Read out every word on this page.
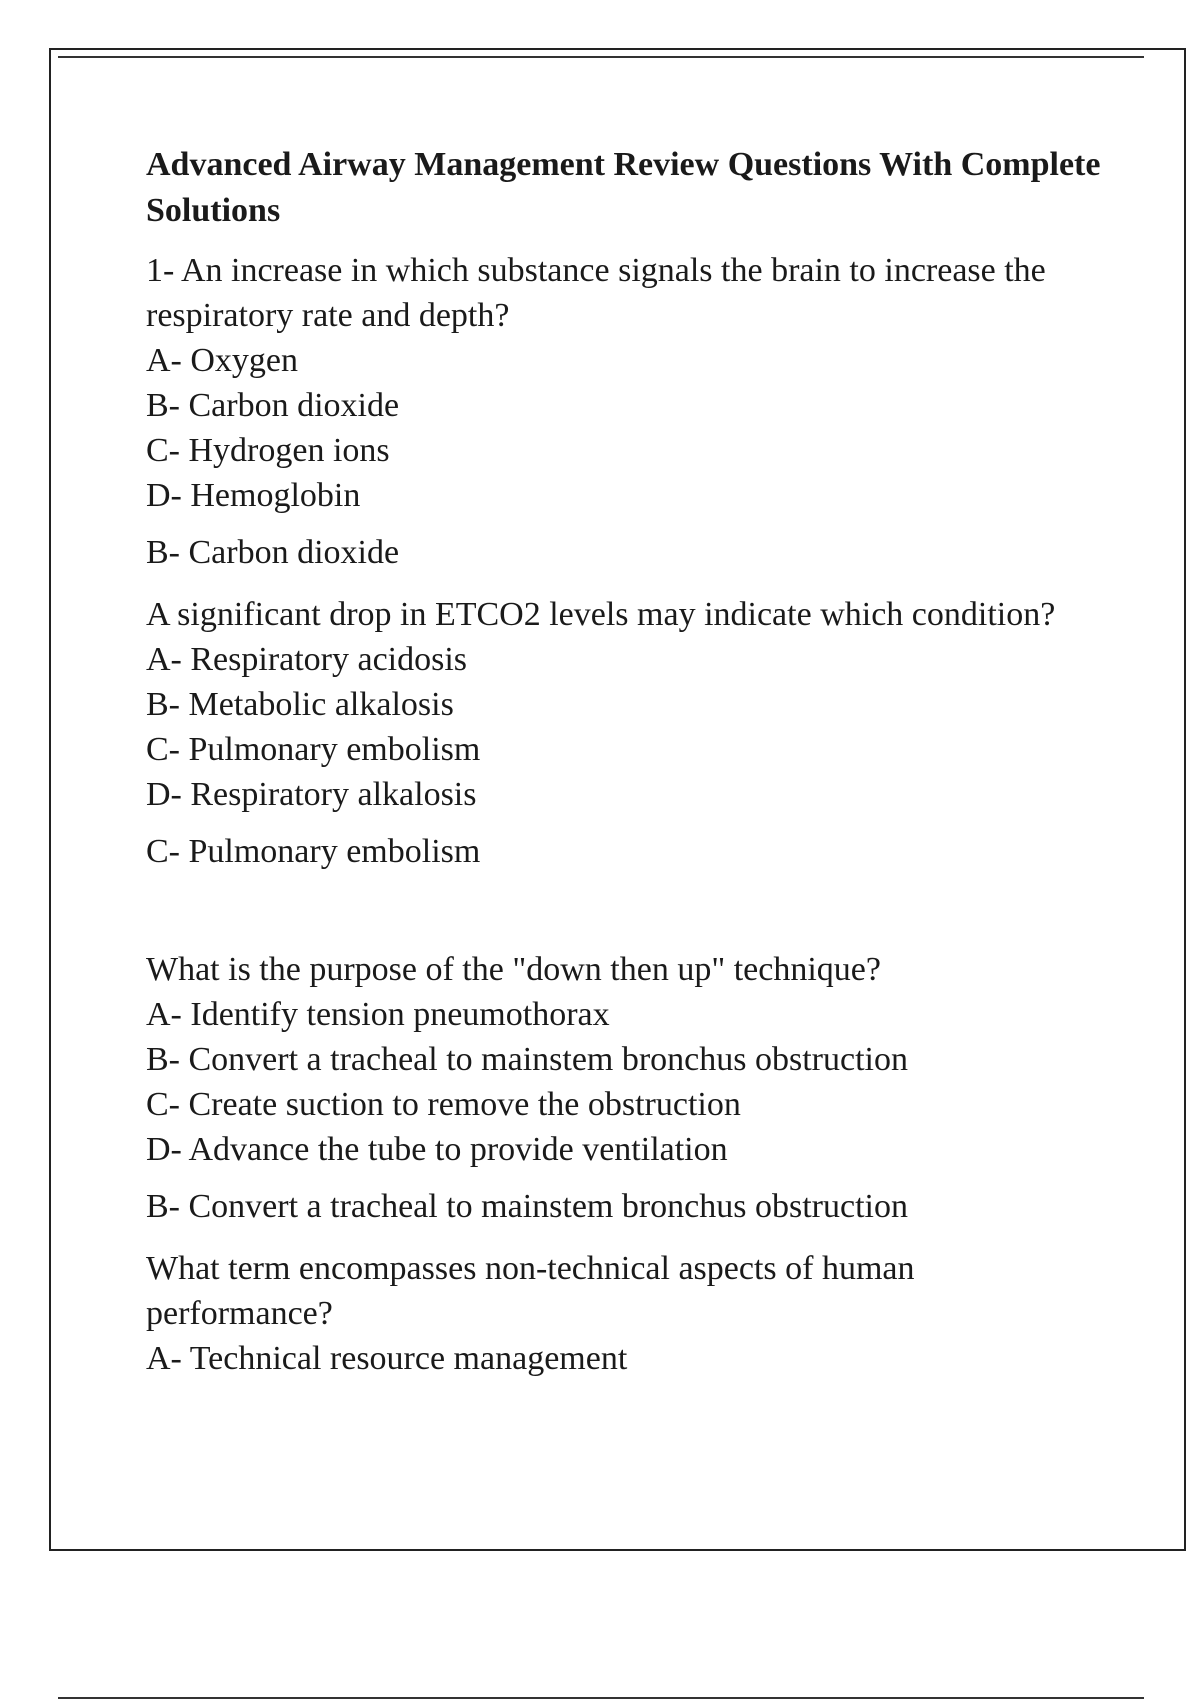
Advanced Airway Management Review Questions With Complete Solutions

1- An increase in which substance signals the brain to increase the respiratory rate and depth?

A- Oxygen

B- Carbon dioxide

C- Hydrogen ions

D- Hemoglobin

B- Carbon dioxide

A significant drop in ETCO2 levels may indicate which condition?

A- Respiratory acidosis

B- Metabolic alkalosis

C- Pulmonary embolism

D- Respiratory alkalosis

C- Pulmonary embolism

What is the purpose of the "down then up" technique?

A- Identify tension pneumothorax

B- Convert a tracheal to mainstem bronchus obstruction

C- Create suction to remove the obstruction

D- Advance the tube to provide ventilation

B- Convert a tracheal to mainstem bronchus obstruction

What term encompasses non-technical aspects of human performance?

A- Technical resource management
